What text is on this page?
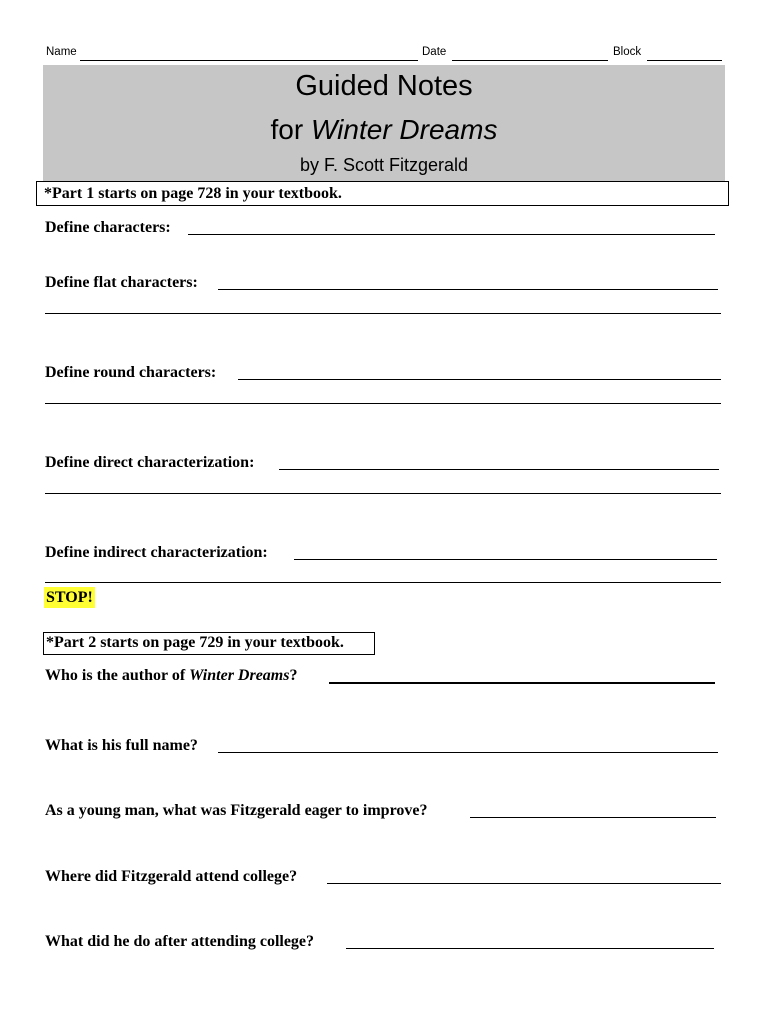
Name	Date	Block
Guided Notes
for Winter Dreams
by F. Scott Fitzgerald
*Part 1 starts on page 728 in your textbook.
Define characters:
Define flat characters:
Define round characters:
Define direct characterization:
Define indirect characterization:
STOP!
*Part 2 starts on page 729 in your textbook.
Who is the author of Winter Dreams?
What is his full name?
As a young man, what was Fitzgerald eager to improve?
Where did Fitzgerald attend college?
What did he do after attending college?
